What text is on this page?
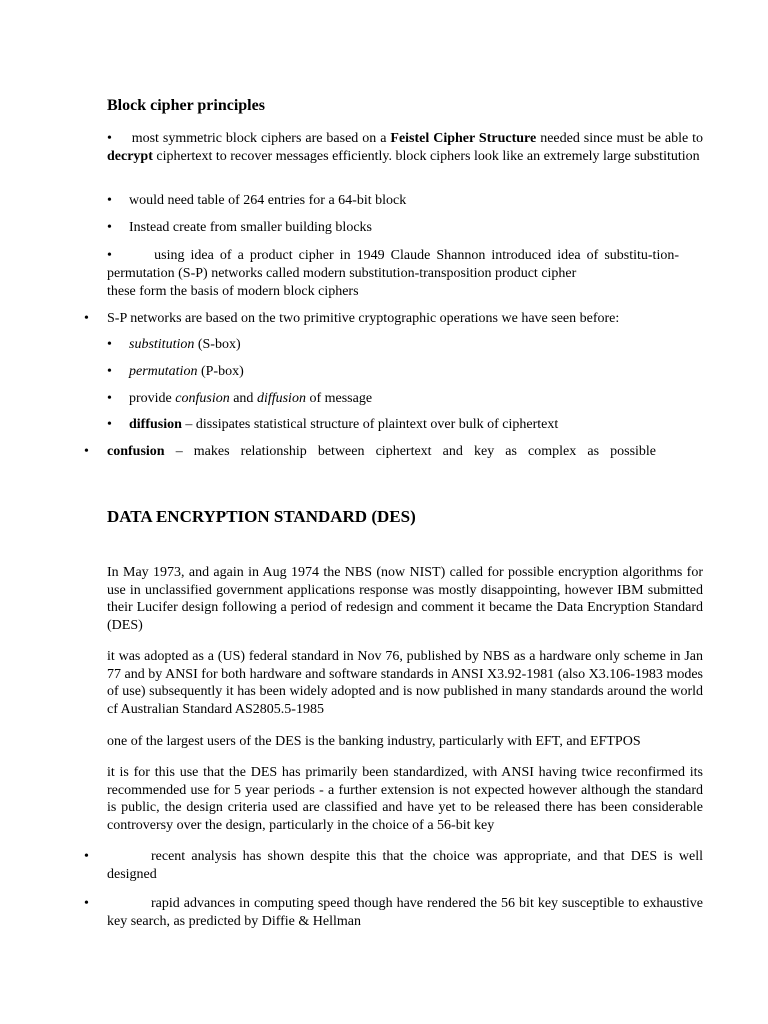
Block cipher principles
•     most symmetric block ciphers are based on a Feistel Cipher Structure needed since must be able to decrypt ciphertext to recover messages efficiently. block ciphers look like an extremely large substitution
• would need table of 264 entries for a 64-bit block
• Instead create from smaller building blocks
•       using idea of a product cipher in 1949 Claude Shannon introduced idea of substitu-tion-permutation (S-P) networks called modern substitution-transposition product cipher
these form the basis of modern block ciphers
• S-P networks are based on the two primitive cryptographic operations we have seen before:
• substitution (S-box)
• permutation (P-box)
• provide confusion and diffusion of message
• diffusion – dissipates statistical structure of plaintext over bulk of ciphertext
• confusion – makes relationship between ciphertext and key as complex as possible
DATA ENCRYPTION STANDARD (DES)
In May 1973, and again in Aug 1974 the NBS (now NIST) called for possible encryption algorithms for use in unclassified government applications response was mostly disappointing, however IBM submitted their Lucifer design following a period of redesign and comment it became the Data Encryption Standard (DES)
it was adopted as a (US) federal standard in Nov 76, published by NBS as a hardware only scheme in Jan 77 and by ANSI for both hardware and software standards in ANSI X3.92-1981 (also X3.106-1983 modes of use) subsequently it has been widely adopted and is now published in many standards around the world cf Australian Standard AS2805.5-1985
one of the largest users of the DES is the banking industry, particularly with EFT, and EFTPOS
it is for this use that the DES has primarily been standardized, with ANSI having twice reconfirmed its recommended use for 5 year periods - a further extension is not expected however although the standard is public, the design criteria used are classified and have yet to be released there has been considerable controversy over the design, particularly in the choice of a 56-bit key
•	recent analysis has shown despite this that the choice was appropriate, and that DES is well designed
•	rapid advances in computing speed though have rendered the 56 bit key susceptible to exhaustive key search, as predicted by Diffie & Hellman
